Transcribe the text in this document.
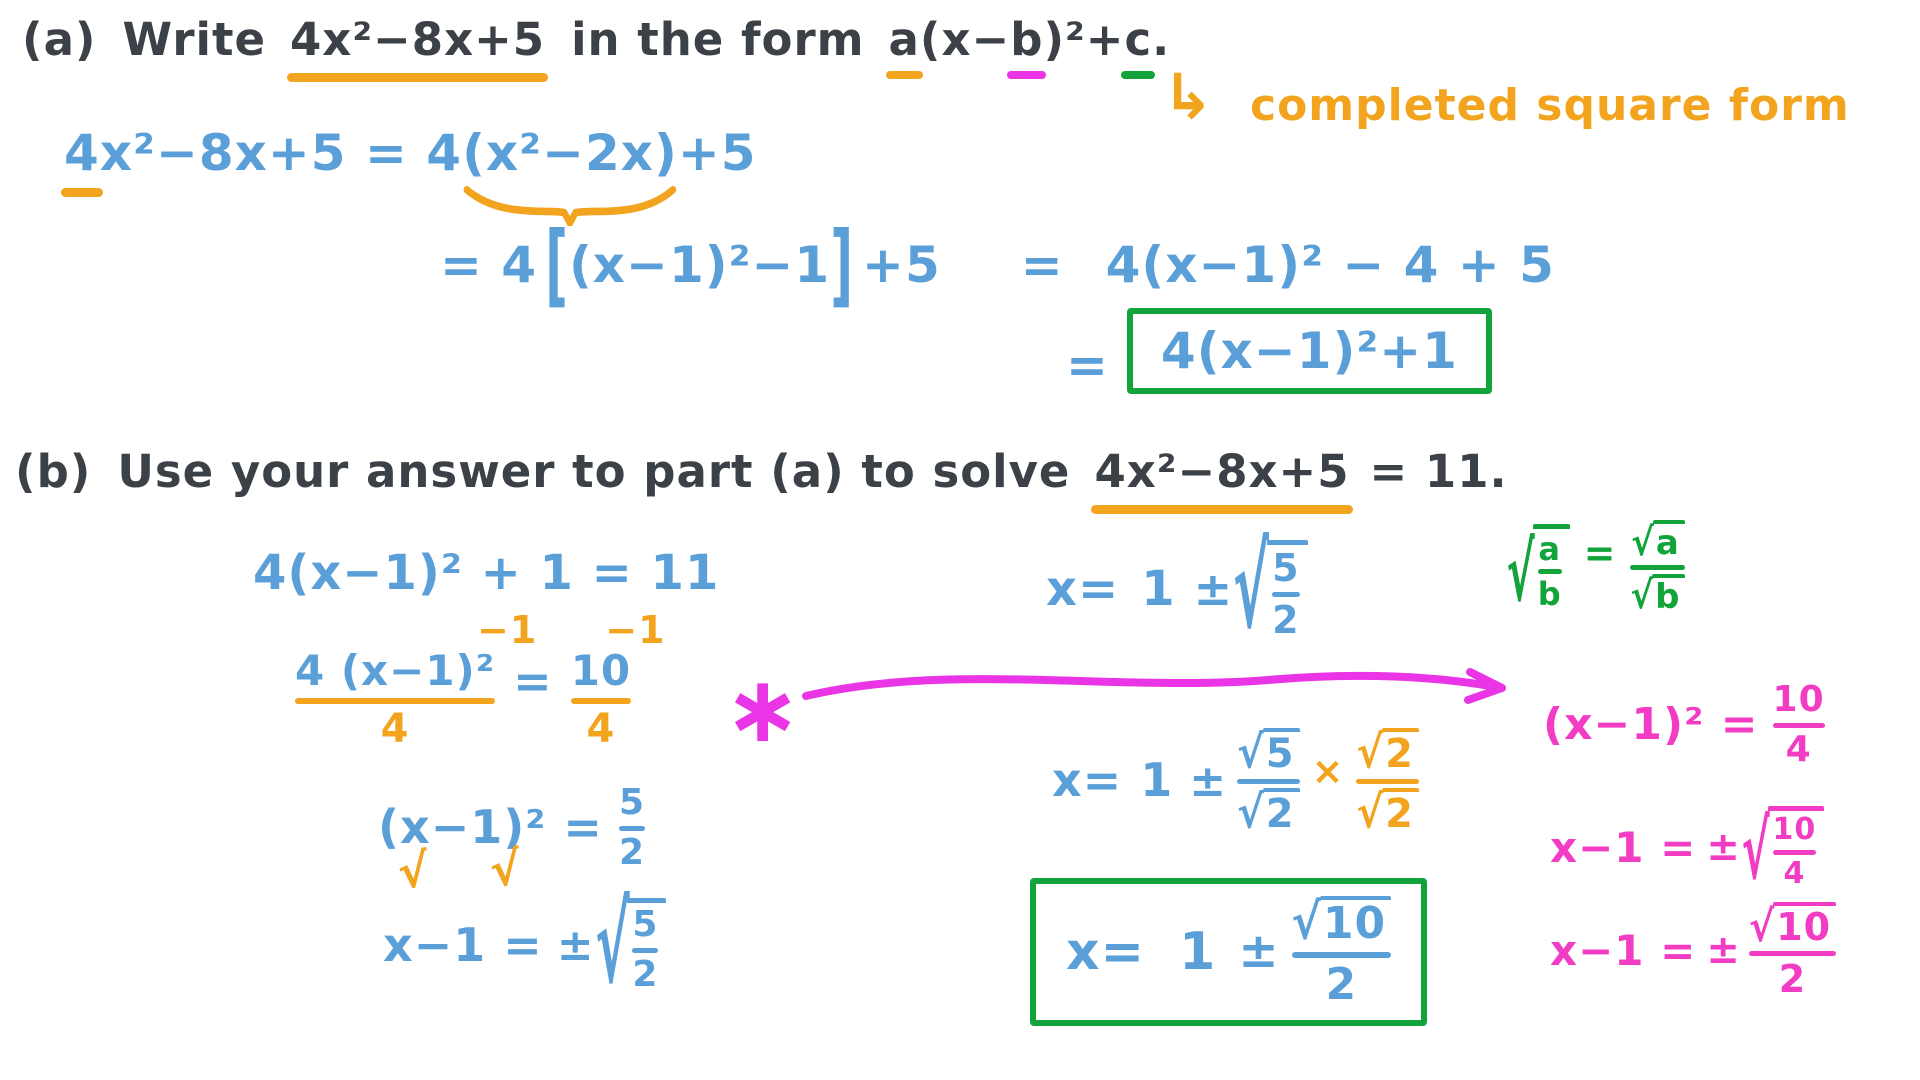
(a) Write 4x²−8x+5 in the form a (x− b )²+ c .
↳ completed square form
4 x²−8x+5 = 4 (x²−2x) +5
= 4 [ (x−1)²−1 ] +5 = 4(x−1)² − 4 + 5
= 4(x−1)²+1
(b) Use your answer to part (a) to solve 4x²−8x+5 = 11.
4(x−1)² + 1 = 11
−1 −1
4 (x−1)²
4
= 10
4
(x−1)² = 5
2
√ √
x−1 = ± √ 5
2
∗
x= 1 ± √ 5
2
x= 1 ±
√ 5
√ 2
× √ 2
√ 2
x= 1 ±
√ 10
2
√ a
b
= √ a
√ b
(x−1)² = 10
4
x−1 = ± √ 10
4
x−1 = ± √ 10
2
